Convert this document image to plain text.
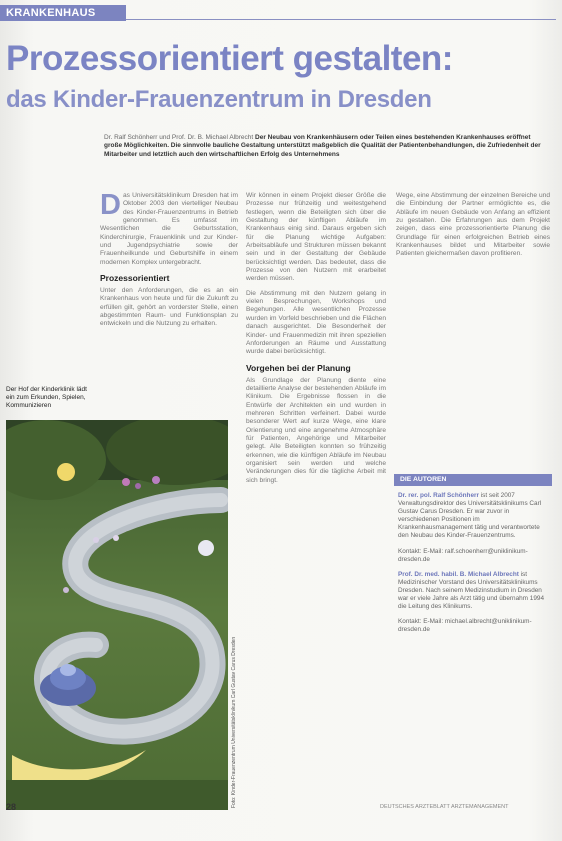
KRANKENHAUS
Prozessorientiert gestalten:
das Kinder-Frauenzentrum in Dresden
Dr. Ralf Schönherr und Prof. Dr. B. Michael Albrecht Der Neubau von Krankenhäusern oder Teilen eines bestehenden Krankenhauses eröffnet große Möglichkeiten. Die sinnvolle bauliche Gestaltung unterstützt maßgeblich die Qualität der Patientenbehandlungen, die Zufriedenheit der Mitarbeiter und letztlich auch den wirtschaftlichen Erfolg des Unternehmens

Das Universitätsklinikum Dresden hat im Oktober 2003 den viertelliger Neubau des Kinder-Frauenzentrums in Betrieb genommen. Es umfasst im Wesentlichen die Geburtsstation, Kinderchirurgie, Frauenklinik und zur Kinder- und Jugendpsychiatrie sowie der Frauenheilkunde und Geburtshilfe in einem modernen Komplex untergebracht.

Prozessorientiert

Unter den Anforderungen, die es an ein Krankenhaus von heute und für die Zukunft zu erfüllen gilt, gehört an vorderster Stelle, einen abgestimmten Raum- und Funktionsplan zu entwickeln und die Nutzung zu erhalten.

Der Hof der Kinderklinik lädt ein zum Erkunden, Spielen, Kommunizieren
Foto: Kinder-Frauenzentrum Universitätsklinikum Carl Gustav Carus Dresden

Wir können in einem Projekt dieser Größe die Prozesse nur frühzeitig und weitestgehend festlegen, wenn die Beteiligten sich über die Gestaltung der künftigen Abläufe im Krankenhaus einig sind. Daraus ergeben sich für die Planung wichtige Aufgaben: Arbeitsabläufe und Strukturen müssen bekannt sein und in der Gestaltung der Gebäude berücksichtigt werden. Das bedeutet, dass die Prozesse von den Nutzern mit erarbeitet werden müssen.

Die Abstimmung mit den Nutzern gelang in vielen Besprechungen, Workshops und Begehungen. Alle wesentlichen Prozesse wurden im Vorfeld beschrieben und die Flächen danach ausgerichtet. Die Besonderheit der Kinder- und Frauenmedizin mit ihren speziellen Anforderungen an Räume und Ausstattung wurde dabei berücksichtigt.

Vorgehen bei der Planung

Als Grundlage der Planung diente eine detaillierte Analyse der bestehenden Abläufe im Klinikum. Die Ergebnisse flossen in die Entwürfe der Architekten ein und wurden in mehreren Schritten verfeinert. Dabei wurde besonderer Wert auf kurze Wege, eine klare Orientierung und eine angenehme Atmosphäre für Patienten, Angehörige und Mitarbeiter gelegt. Alle Beteiligten konnten so frühzeitig erkennen, wie die künftigen Abläufe im Neubau organisiert sein werden und welche Veränderungen dies für die tägliche Arbeit mit sich bringt.

Wege, eine Abstimmung der einzelnen Bereiche und die Einbindung der Partner ermöglichte es, die Abläufe im neuen Gebäude von Anfang an effizient zu gestalten. Die Erfahrungen aus dem Projekt zeigen, dass eine prozessorientierte Planung die Grundlage für einen erfolgreichen Betrieb eines Krankenhauses bildet und Mitarbeiter sowie Patienten gleichermaßen davon profitieren.

DIE AUTOREN

Dr. rer. pol. Ralf Schönherr ist seit 2007 Verwaltungsdirektor des Universitätsklinikums Carl Gustav Carus Dresden. Er war zuvor in verschiedenen Positionen im Krankenhausmanagement tätig und verantwortete den Neubau des Kinder-Frauenzentrums.

Kontakt: E-Mail: ralf.schoenherr@uniklinikum-dresden.de

Prof. Dr. med. habil. B. Michael Albrecht ist Medizinischer Vorstand des Universitätsklinikums Dresden. Nach seinem Medizinstudium in Dresden war er viele Jahre als Arzt tätig und übernahm 1994 die Leitung des Klinikums.

Kontakt: E-Mail: michael.albrecht@uniklinikum-dresden.de

28	DEUTSCHES ARZTEBLATT ARZTEMANAGEMENT
